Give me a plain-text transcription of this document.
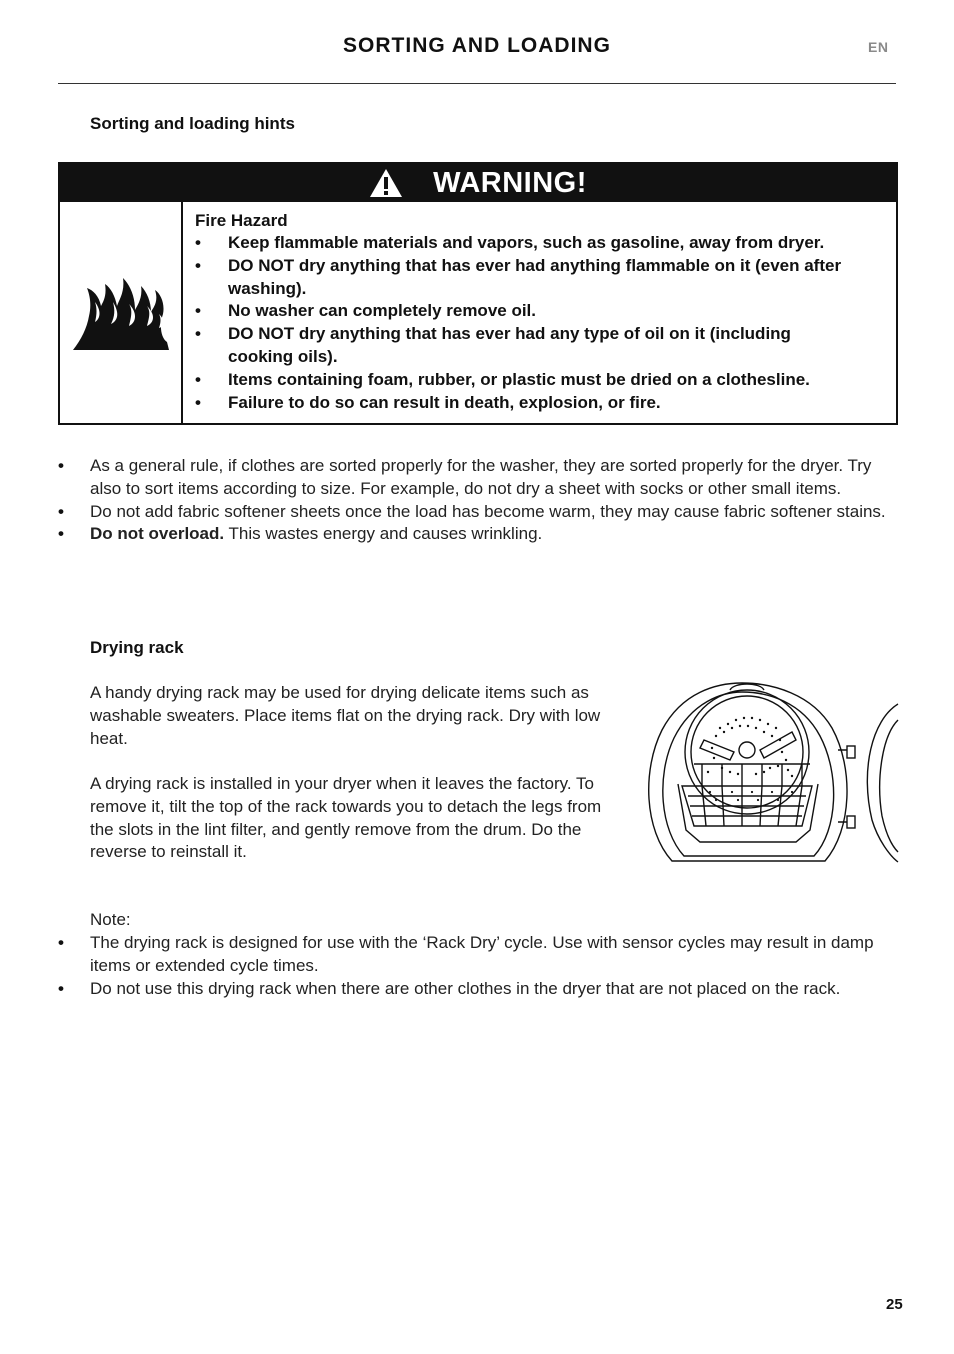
SORTING AND LOADING	EN
Sorting and loading hints
WARNING!
Fire Hazard
• Keep flammable materials and vapors, such as gasoline, away from dryer.
• DO NOT dry anything that has ever had anything flammable on it (even after washing).
• No washer can completely remove oil.
• DO NOT dry anything that has ever had any type of oil on it (including cooking oils).
• Items containing foam, rubber, or plastic must be dried on a clothesline.
• Failure to do so can result in death, explosion, or fire.
• As a general rule, if clothes are sorted properly for the washer, they are sorted properly for the dryer. Try also to sort items according to size. For example, do not dry a sheet with socks or other small items.
• Do not add fabric softener sheets once the load has become warm, they may cause fabric softener stains.
• Do not overload. This wastes energy and causes wrinkling.
Drying rack

A handy drying rack may be used for drying delicate items such as washable sweaters. Place items flat on the drying rack. Dry with low heat.

A drying rack is installed in your dryer when it leaves the factory. To remove it, tilt the top of the rack towards you to detach the legs from the slots in the lint filter, and gently remove from the drum. Do the reverse to reinstall it.

Note:

• The drying rack is designed for use with the ‘Rack Dry’ cycle. Use with sensor cycles may result in damp items or extended cycle times.
• Do not use this drying rack when there are other clothes in the dryer that are not placed on the rack.
25
